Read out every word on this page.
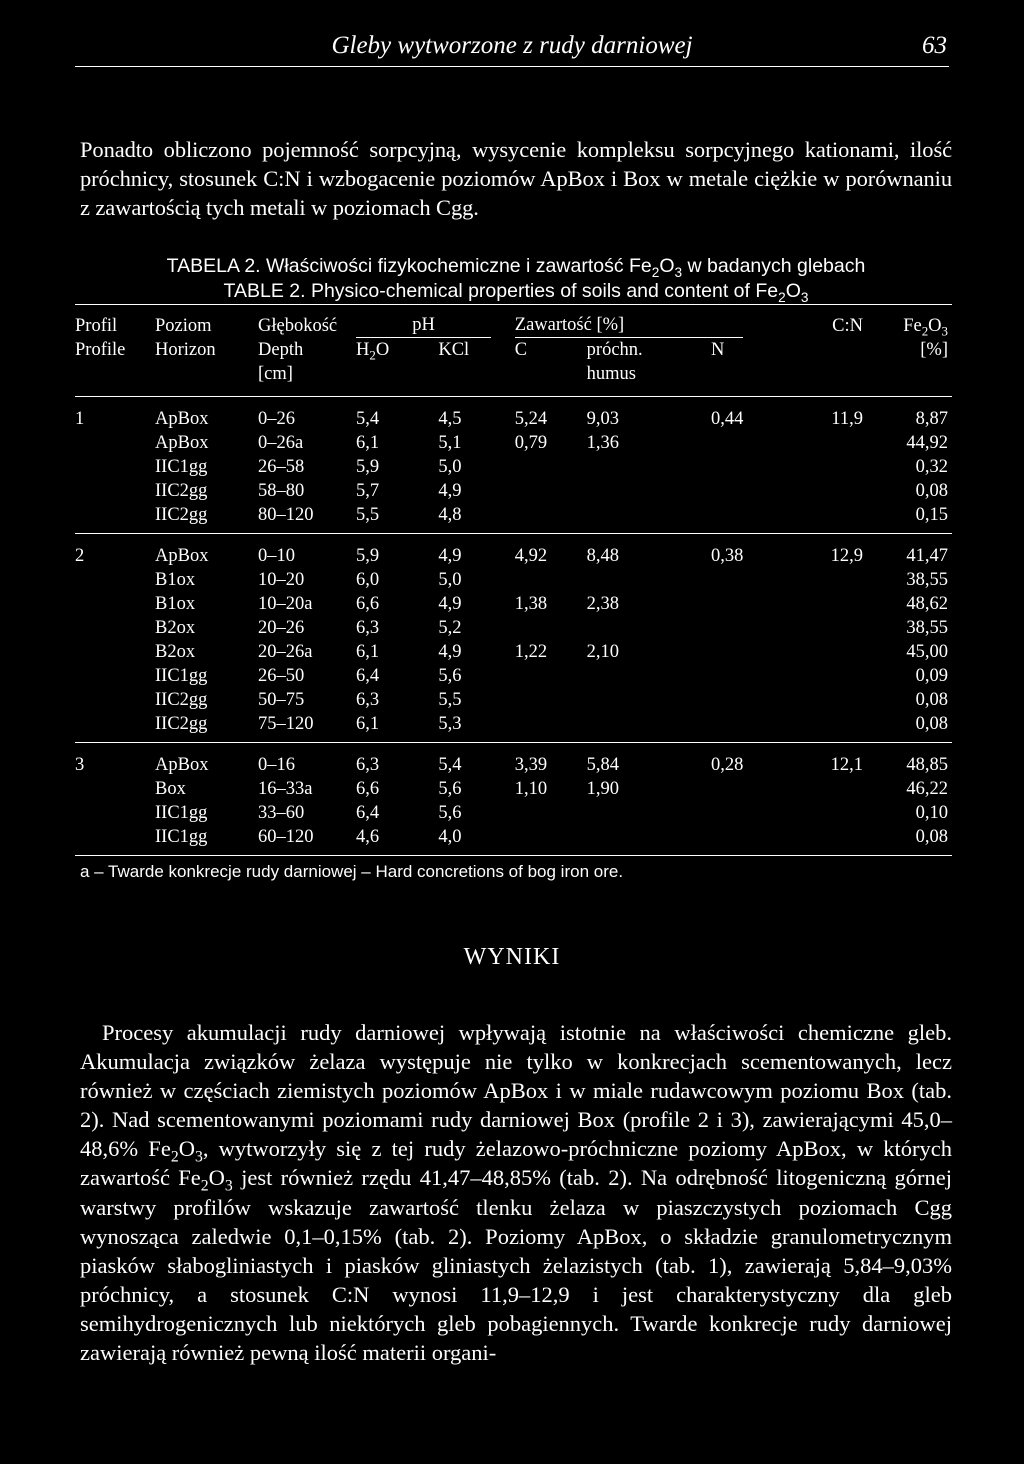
Gleby wytworzone z rudy darniowej	63
Ponadto obliczono pojemność sorpcyjną, wysycenie kompleksu sorpcyjnego kationami, ilość próchnicy, stosunek C:N i wzbogacenie poziomów ApBox i Box w metale ciężkie w porównaniu z zawartością tych metali w poziomach Cgg.
TABELA 2. Właściwości fizykochemiczne i zawartość $Fe_2O_3$ w badanych glebach
TABLE 2. Physico-chemical properties of soils and content of $Fe_2O_3$
Profil	Poziom	Głębokość	pH		Zawartość [%]			C:N	$Fe_2O_3$
Profile	Horizon	Depth	$H_2O$	KCl	C	próchn.	N		[%]
		[cm]				humus			
1	ApBox	0–26	5,4	4,5	5,24	9,03	0,44	11,9	8,87
	ApBox	0–26a	6,1	5,1	0,79	1,36			44,92
	IIC1gg	26–58	5,9	5,0					0,32
	IIC2gg	58–80	5,7	4,9					0,08
	IIC2gg	80–120	5,5	4,8					0,15
2	ApBox	0–10	5,9	4,9	4,92	8,48	0,38	12,9	41,47
	B1ox	10–20	6,0	5,0					38,55
	B1ox	10–20a	6,6	4,9	1,38	2,38			48,62
	B2ox	20–26	6,3	5,2					38,55
	B2ox	20–26a	6,1	4,9	1,22	2,10			45,00
	IIC1gg	26–50	6,4	5,6					0,09
	IIC2gg	50–75	6,3	5,5					0,08
	IIC2gg	75–120	6,1	5,3					0,08
3	ApBox	0–16	6,3	5,4	3,39	5,84	0,28	12,1	48,85
	Box	16–33a	6,6	5,6	1,10	1,90			46,22
	IIC1gg	33–60	6,4	5,6					0,10
	IIC1gg	60–120	4,6	4,0					0,08
a – Twarde konkrecje rudy darniowej – Hard concretions of bog iron ore.
WYNIKI

Procesy akumulacji rudy darniowej wpływają istotnie na właściwości chemiczne gleb. Akumulacja związków żelaza występuje nie tylko w konkrecjach scementowanych, lecz również w częściach ziemistych poziomów ApBox i w miale rudawcowym poziomu Box (tab. 2). Nad scementowanymi poziomami rudy darniowej Box (profile 2 i 3), zawierającymi 45,0–48,6% $Fe_2O_3$, wytworzyły się z tej rudy żelazowo-próchniczne poziomy ApBox, w których zawartość $Fe_2O_3$ jest również rzędu 41,47–48,85% (tab. 2). Na odrębność litogeniczną górnej warstwy profilów wskazuje zawartość tlenku żelaza w piaszczystych poziomach Cgg wynosząca zaledwie 0,1–0,15% (tab. 2). Poziomy ApBox, o składzie granulometrycznym piasków słabogliniastych i piasków gliniastych żelazistych (tab. 1), zawierają 5,84–9,03% próchnicy, a stosunek C:N wynosi 11,9–12,9 i jest charakterystyczny dla gleb semihydrogenicznych lub niektórych gleb pobagiennych. Twarde konkrecje rudy darniowej zawierają również pewną ilość materii organi-
